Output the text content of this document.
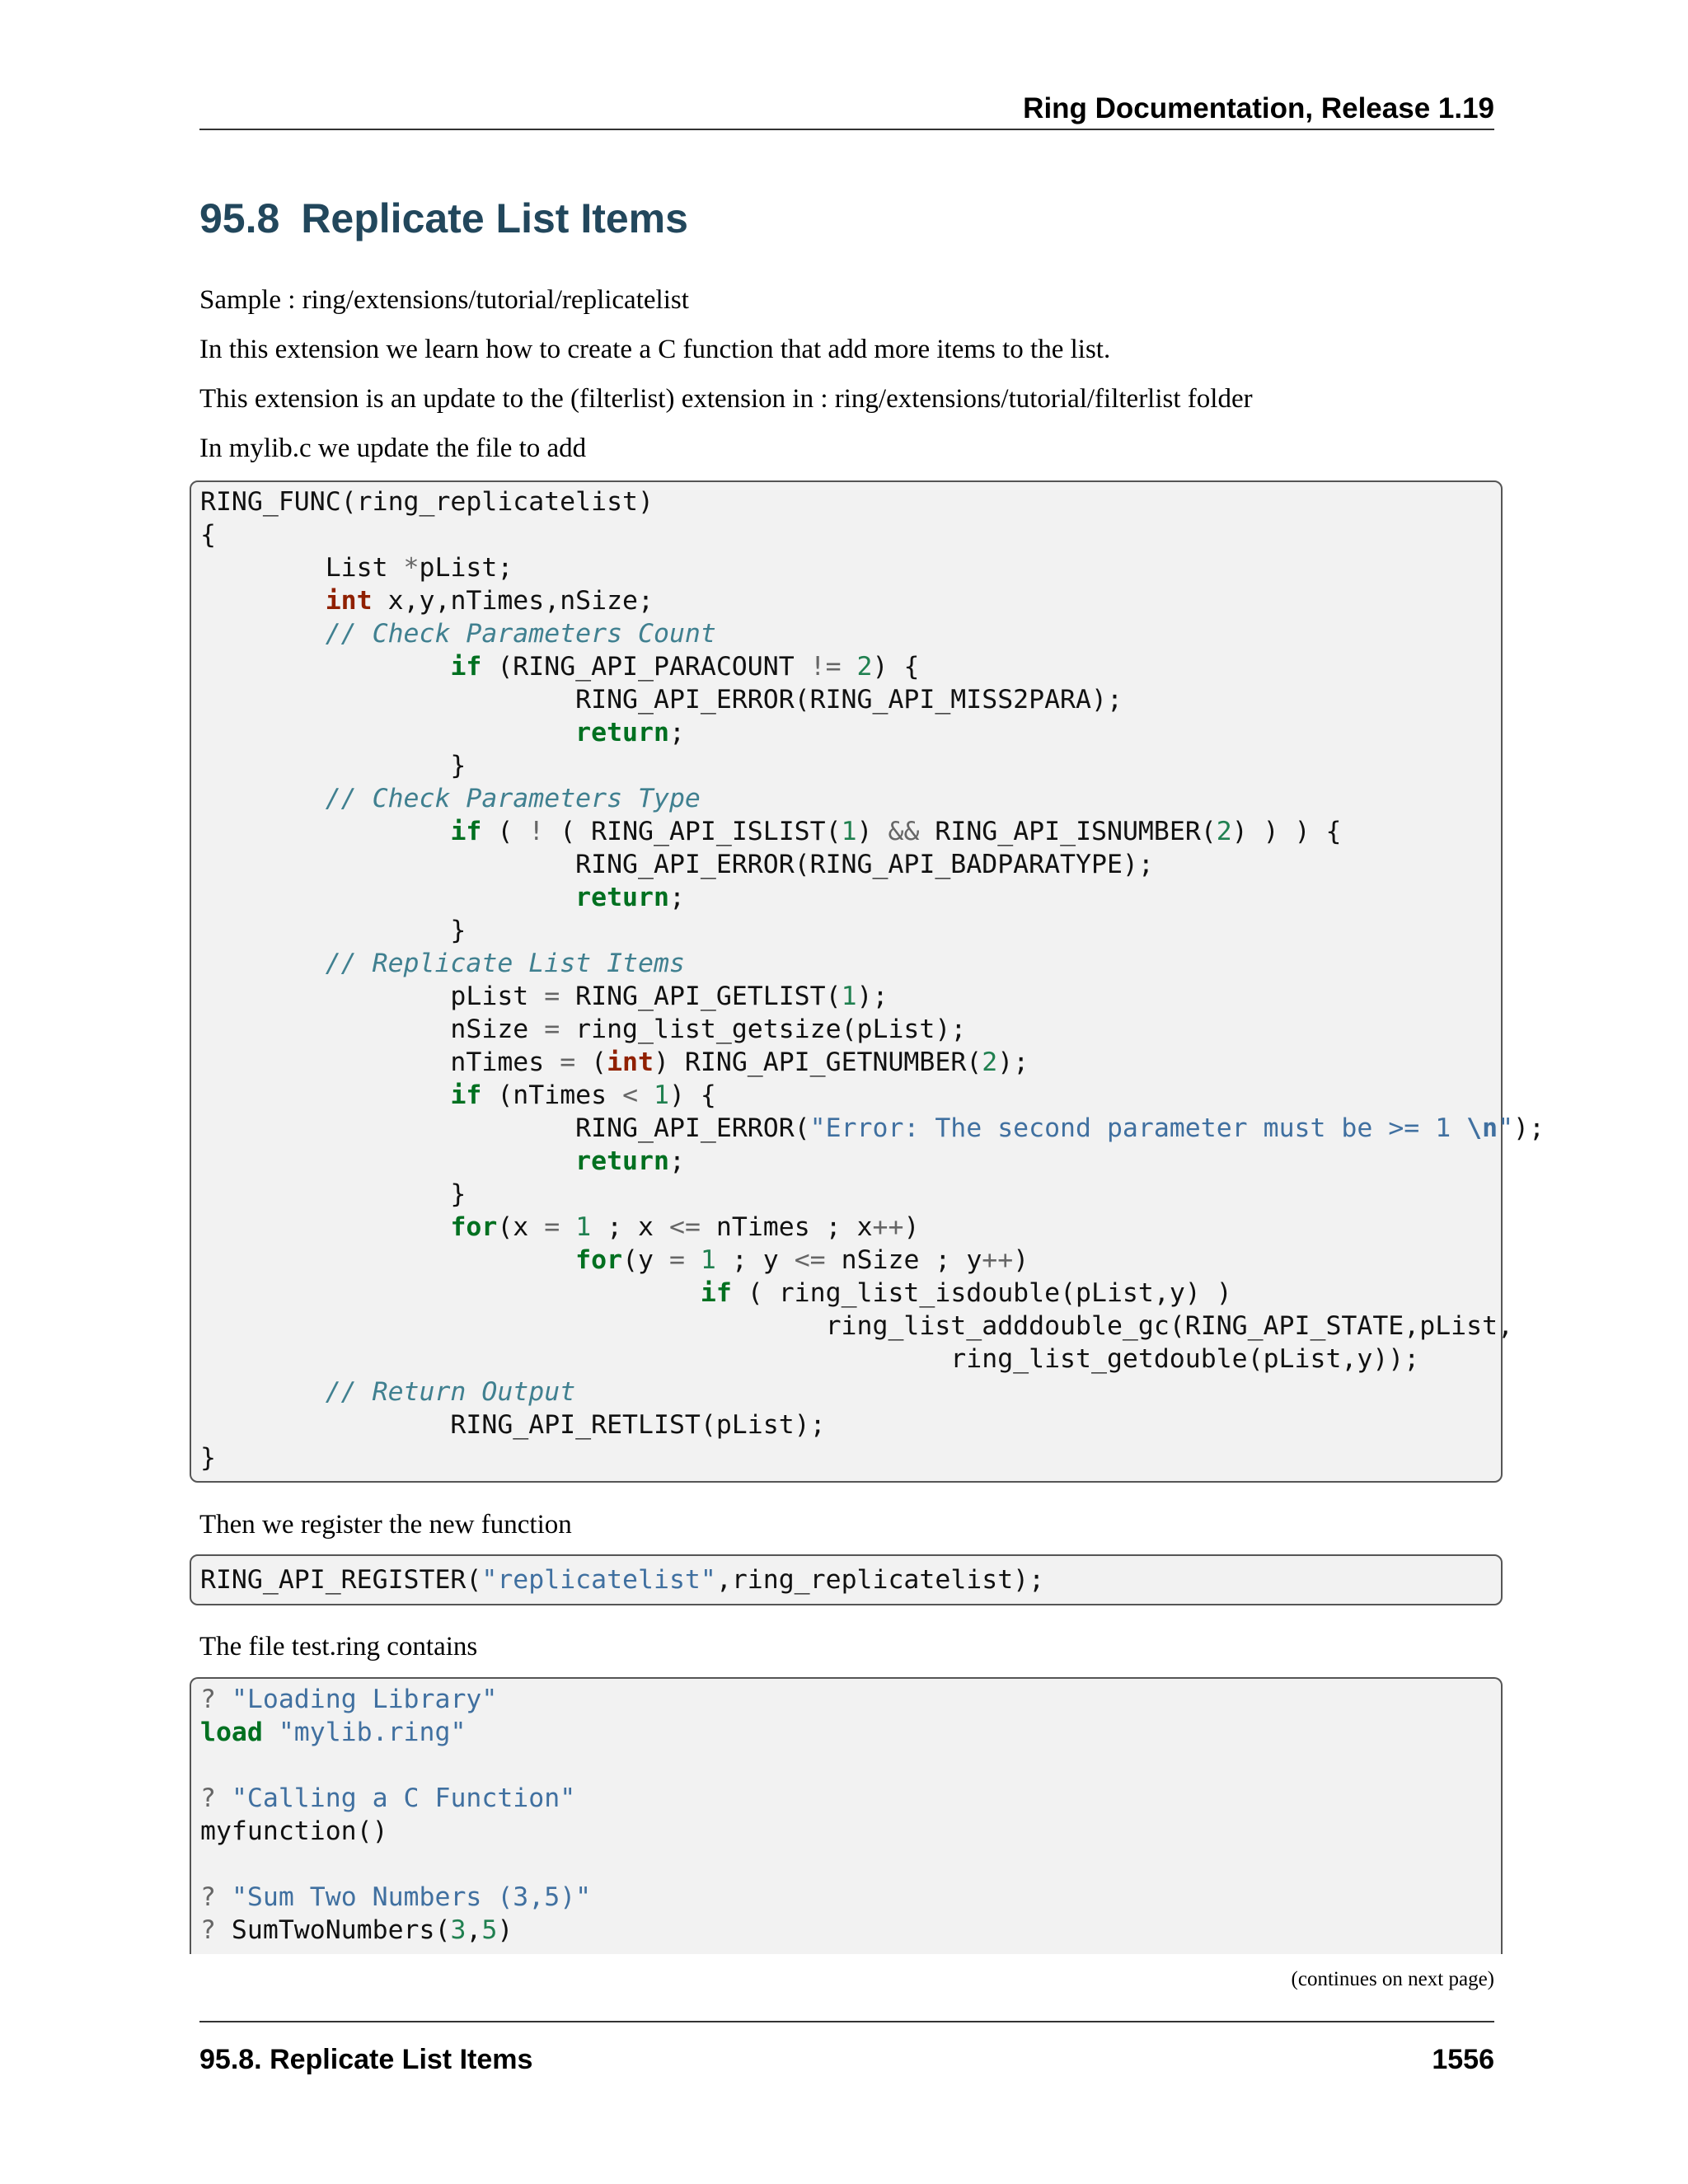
Ring Documentation, Release 1.19
95.8 Replicate List Items
Sample : ring/extensions/tutorial/replicatelist
In this extension we learn how to create a C function that add more items to the list.
This extension is an update to the (filterlist) extension in : ring/extensions/tutorial/filterlist folder
In mylib.c we update the file to add
RING_FUNC(ring_replicatelist)
{
List *pList;
int x,y,nTimes,nSize;
// Check Parameters Count
if (RING_API_PARACOUNT != 2) {
RING_API_ERROR(RING_API_MISS2PARA);
return;
}
// Check Parameters Type
if ( ! ( RING_API_ISLIST(1) && RING_API_ISNUMBER(2) ) ) {
RING_API_ERROR(RING_API_BADPARATYPE);
return;
}
// Replicate List Items
pList = RING_API_GETLIST(1);
nSize = ring_list_getsize(pList);
nTimes = (int) RING_API_GETNUMBER(2);
if (nTimes < 1) {
RING_API_ERROR("Error: The second parameter must be >= 1 \n");
return;
}
for(x = 1 ; x <= nTimes ; x++)
for(y = 1 ; y <= nSize ; y++)
if ( ring_list_isdouble(pList,y) )
ring_list_adddouble_gc(RING_API_STATE,pList,
ring_list_getdouble(pList,y));
// Return Output
RING_API_RETLIST(pList);
}
Then we register the new function
RING_API_REGISTER("replicatelist",ring_replicatelist);
The file test.ring contains
? "Loading Library"
load "mylib.ring"
? "Calling a C Function"
myfunction()
? "Sum Two Numbers (3,5)"
? SumTwoNumbers(3,5)
(continues on next page)
95.8. Replicate List Items	1556
